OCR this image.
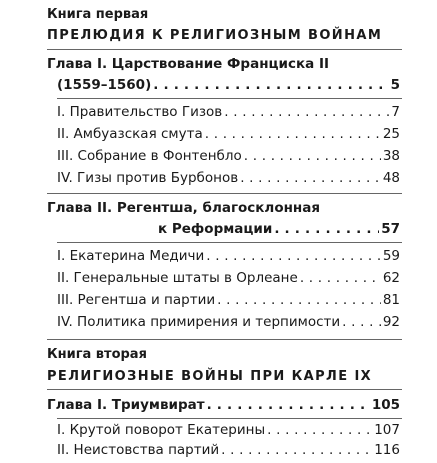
Книга первая
ПРЕЛЮДИЯ К РЕЛИГИОЗНЫМ ВОЙНАМ
Глава I. Царствование Франциска II
(1559–1560) . . .	5
I. Правительство Гизов . . .	7
II. Амбуазская смута . . .	25
III. Собрание в Фонтенбло . . .	38
IV. Гизы против Бурбонов . . .	48
Глава II. Регентша, благосклонная
к Реформации . . .	57
I. Екатерина Медичи . . .	59
II. Генеральные штаты в Орлеане . . .	62
III. Регентша и партии . . .	81
IV. Политика примирения и терпимости . . .	92
Книга вторая
РЕЛИГИОЗНЫЕ ВОЙНЫ ПРИ КАРЛЕ IX
Глава I. Триумвират . . .	105
I. Крутой поворот Екатерины . . .	107
II. Неистовства партий . . .	116
